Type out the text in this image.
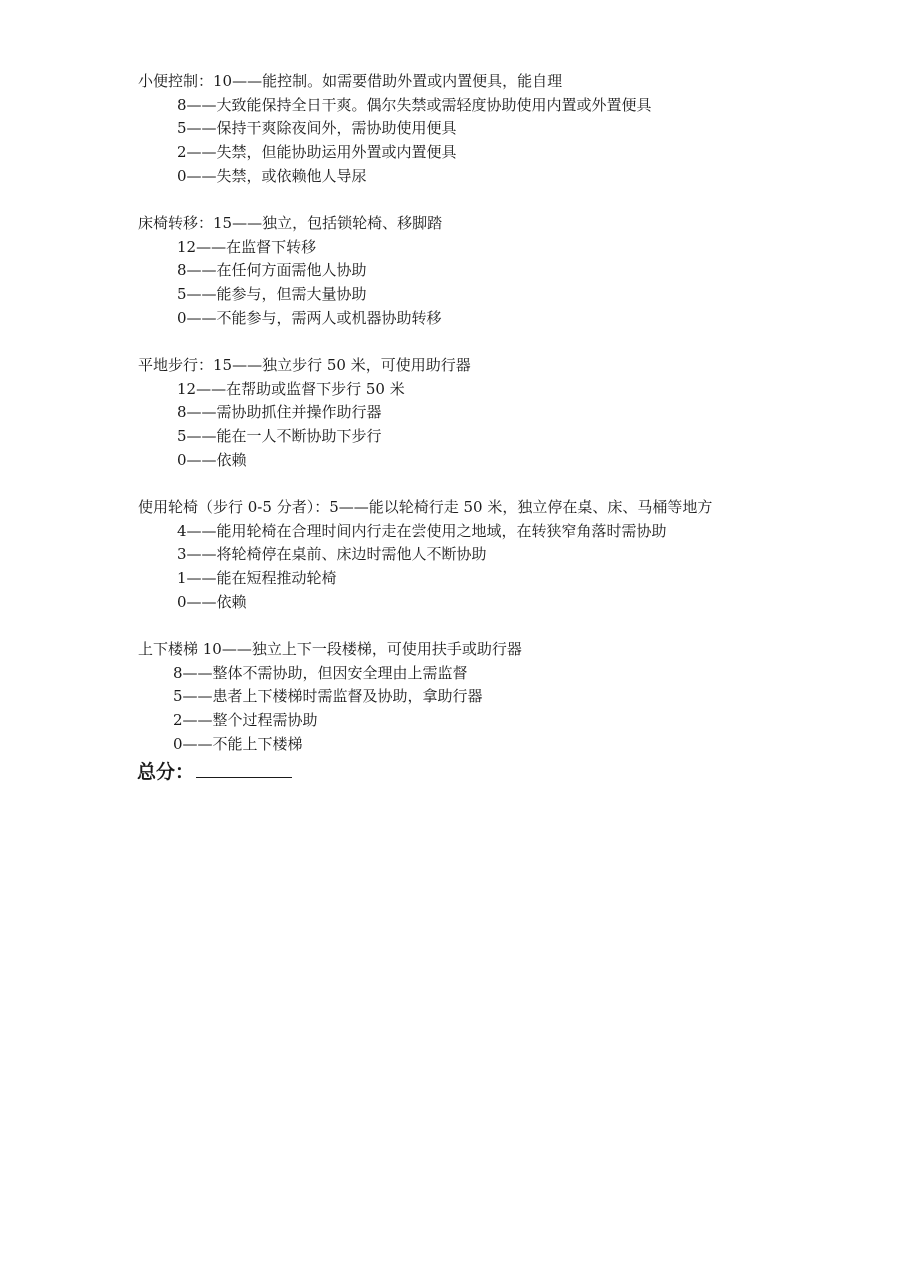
小便控制：10——能控制。如需要借助外置或内置便具，能自理
8——大致能保持全日干爽。偶尔失禁或需轻度协助使用内置或外置便具
5——保持干爽除夜间外，需协助使用便具
2——失禁，但能协助运用外置或内置便具
0——失禁，或依赖他人导尿
床椅转移：15——独立，包括锁轮椅、移脚踏
12——在监督下转移
8——在任何方面需他人协助
5——能参与，但需大量协助
0——不能参与，需两人或机器协助转移
平地步行：15——独立步行 50 米，可使用助行器
12——在帮助或监督下步行 50 米
8——需协助抓住并操作助行器
5——能在一人不断协助下步行
0——依赖
使用轮椅（步行 0-5 分者）：5——能以轮椅行走 50 米，独立停在桌、床、马桶等地方
4——能用轮椅在合理时间内行走在尝使用之地域，在转狭窄角落时需协助
3——将轮椅停在桌前、床边时需他人不断协助
1——能在短程推动轮椅
0——依赖
上下楼梯 10——独立上下一段楼梯，可使用扶手或助行器
8——整体不需协助，但因安全理由上需监督
5——患者上下楼梯时需监督及协助，拿助行器
2——整个过程需协助
0——不能上下楼梯
总分：
